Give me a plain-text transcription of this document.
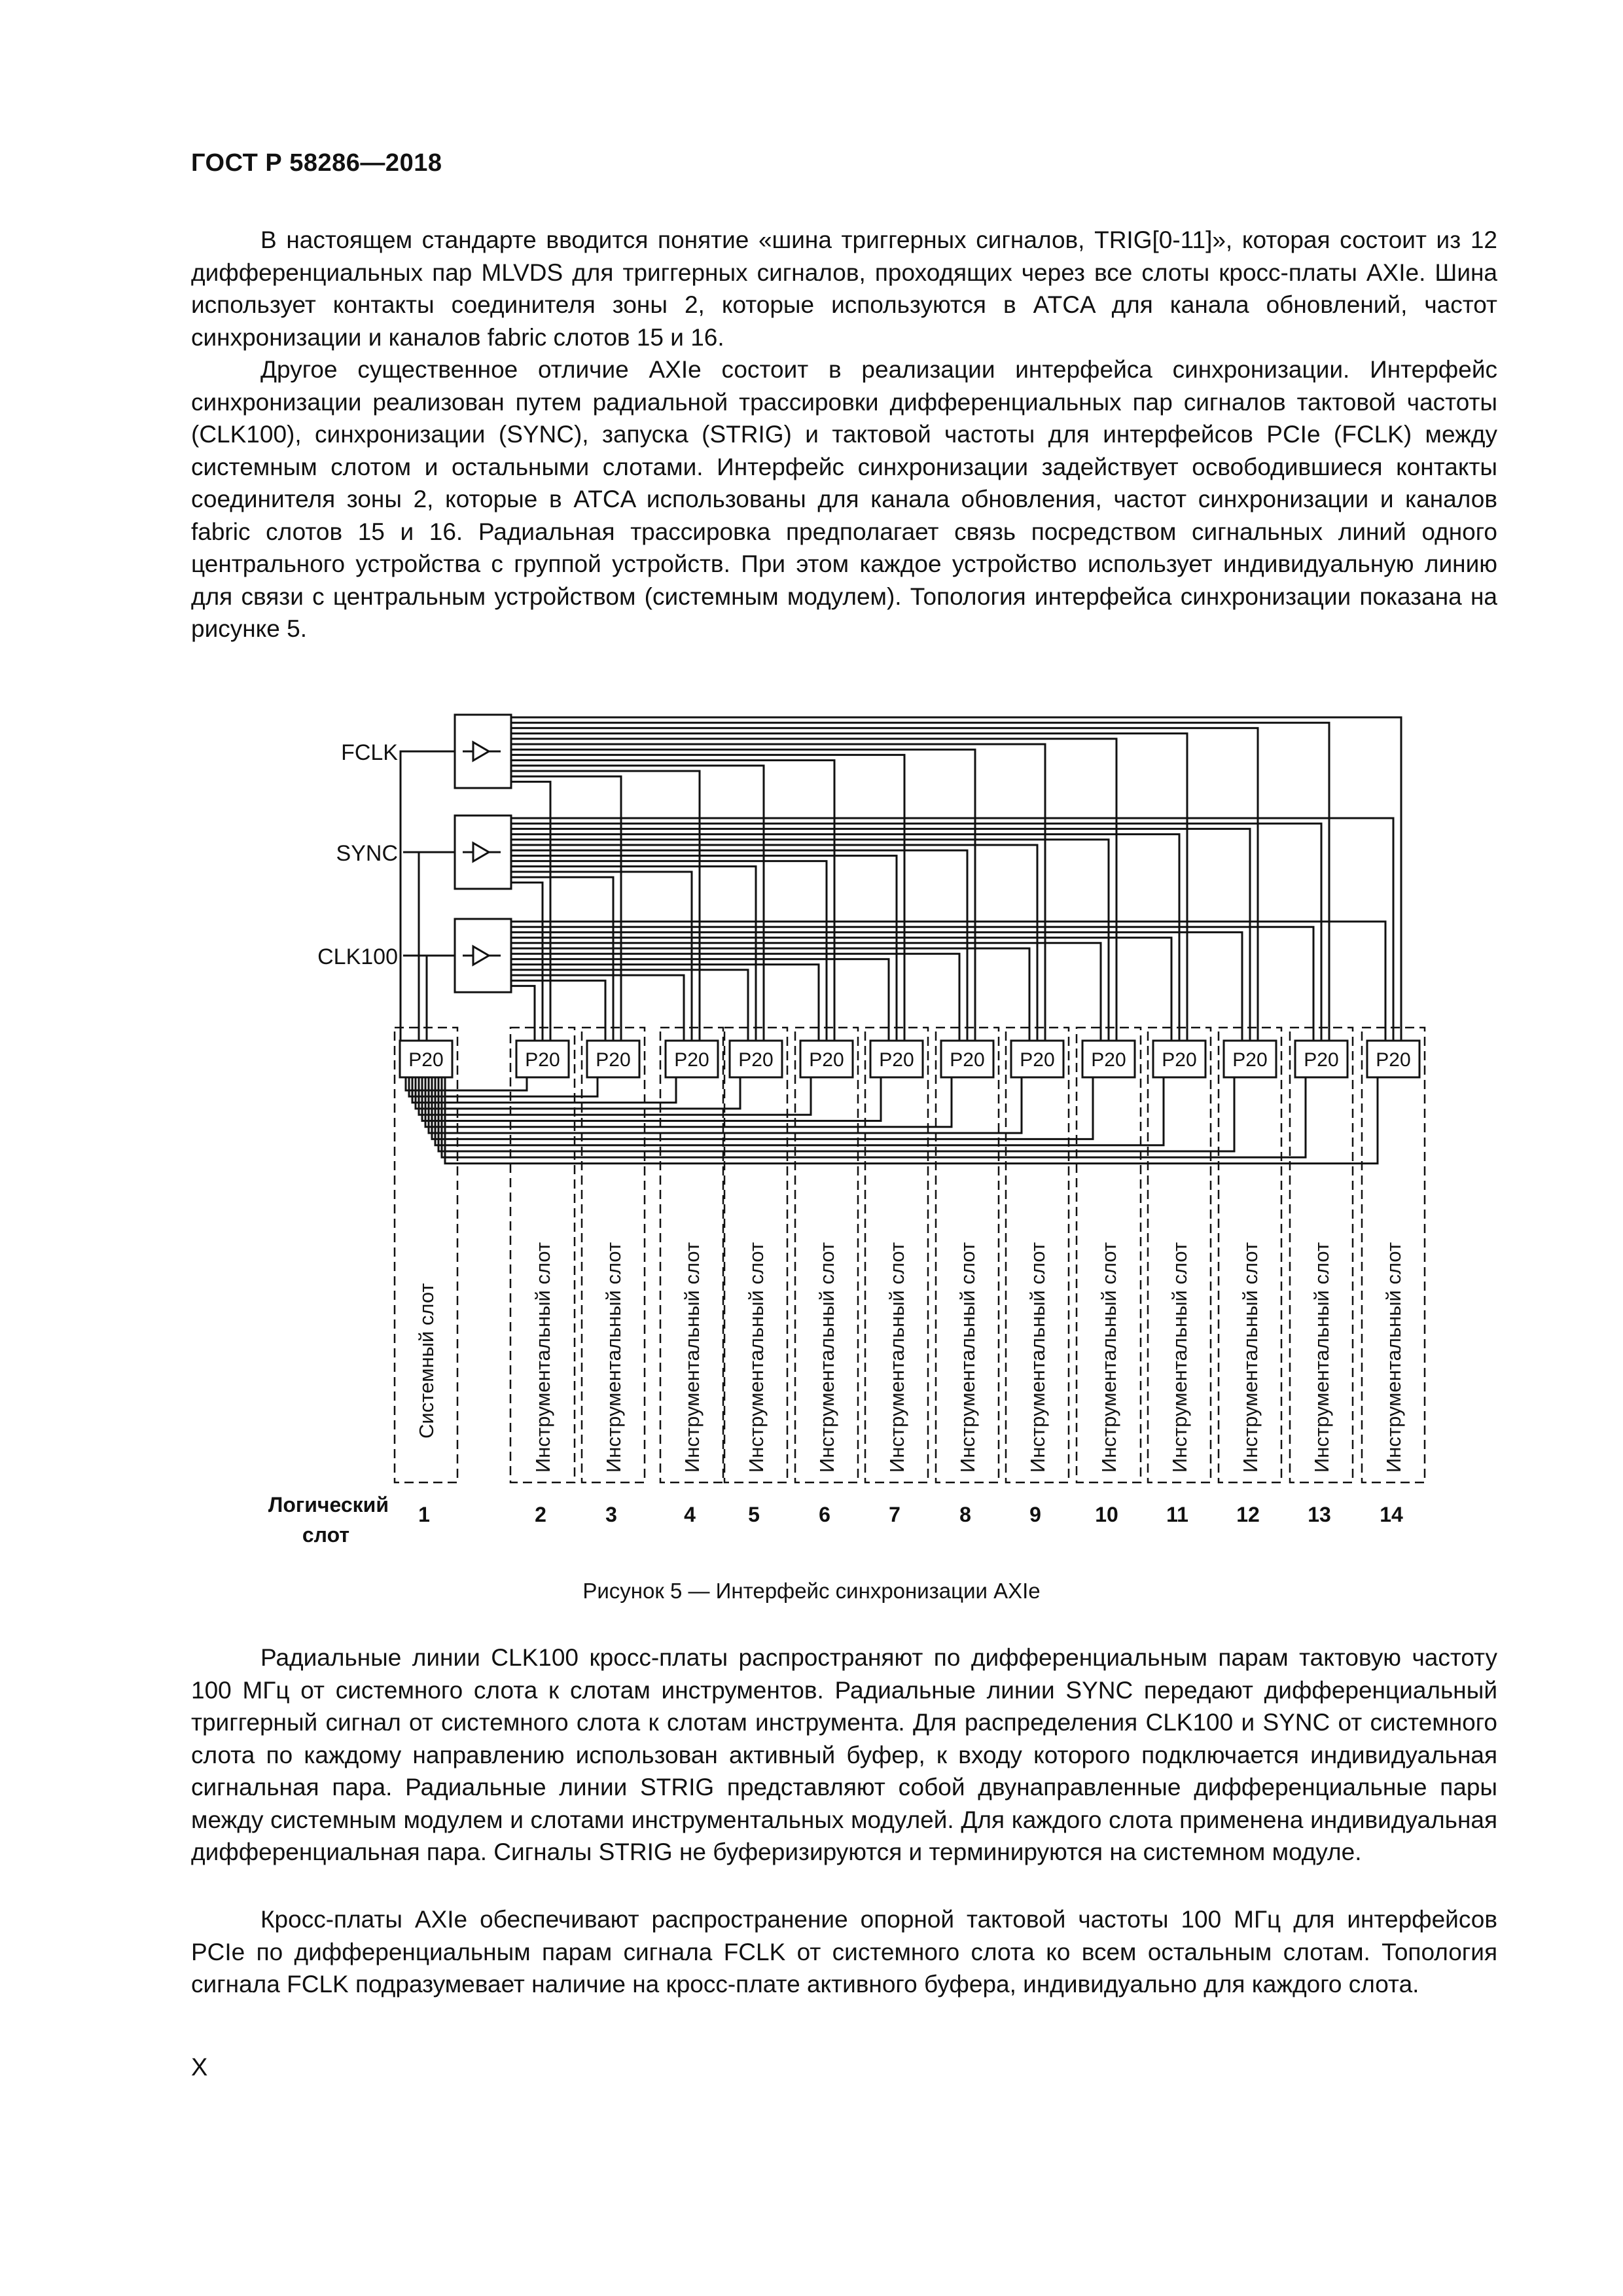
ГОСТ Р 58286—2018

В настоящем стандарте вводится понятие «шина триггерных сигналов, TRIG[0-11]», которая состоит из 12 дифференциальных пар MLVDS для триггерных сигналов, проходящих через все слоты кросс-платы AXIe. Шина использует контакты соединителя зоны 2, которые используются в ATCA для канала обновлений, частот синхронизации и каналов fabric слотов 15 и 16.

Другое существенное отличие AXIe состоит в реализации интерфейса синхронизации. Интерфейс синхронизации реализован путем радиальной трассировки дифференциальных пар сигналов тактовой частоты (CLK100), синхронизации (SYNC), запуска (STRIG) и тактовой частоты для интерфейсов PCIe (FCLK) между системным слотом и остальными слотами. Интерфейс синхронизации задействует освободившиеся контакты соединителя зоны 2, которые в ATCA использованы для канала обновления, частот синхронизации и каналов fabric слотов 15 и 16. Радиальная трассировка предполагает связь посредством сигнальных линий одного центрального устройства с группой устройств. При этом каждое устройство использует индивидуальную линию для связи с центральным устройством (системным модулем). Топология интерфейса синхронизации показана на рисунке 5.

FCLK
SYNC
CLK100
P20
Системный слот
1
P20
Инструментальный слот
2
P20
Инструментальный слот
3
P20
Инструментальный слот
4
P20
Инструментальный слот
5
P20
Инструментальный слот
6
P20
Инструментальный слот
7
P20
Инструментальный слот
8
P20
Инструментальный слот
9
P20
Инструментальный слот
10
P20
Инструментальный слот
11
P20
Инструментальный слот
12
P20
Инструментальный слот
13
P20
Инструментальный слот
14
Логический
слот
Рисунок 5 — Интерфейс синхронизации AXIe

Радиальные линии CLK100 кросс-платы распространяют по дифференциальным парам тактовую частоту 100 МГц от системного слота к слотам инструментов. Радиальные линии SYNC передают дифференциальный триггерный сигнал от системного слота к слотам инструмента. Для распределения CLK100 и SYNC от системного слота по каждому направлению использован активный буфер, к входу которого подключается индивидуальная сигнальная пара. Радиальные линии STRIG представляют собой двунаправленные дифференциальные пары между системным модулем и слотами инструментальных модулей. Для каждого слота применена индивидуальная дифференциальная пара. Сигналы STRIG не буферизируются и терминируются на системном модуле.

Кросс-платы AXIe обеспечивают распространение опорной тактовой частоты 100 МГц для интерфейсов PCIe по дифференциальным парам сигнала FCLK от системного слота ко всем остальным слотам. Топология сигнала FCLK подразумевает наличие на кросс-плате активного буфера, индивидуально для каждого слота.

X
